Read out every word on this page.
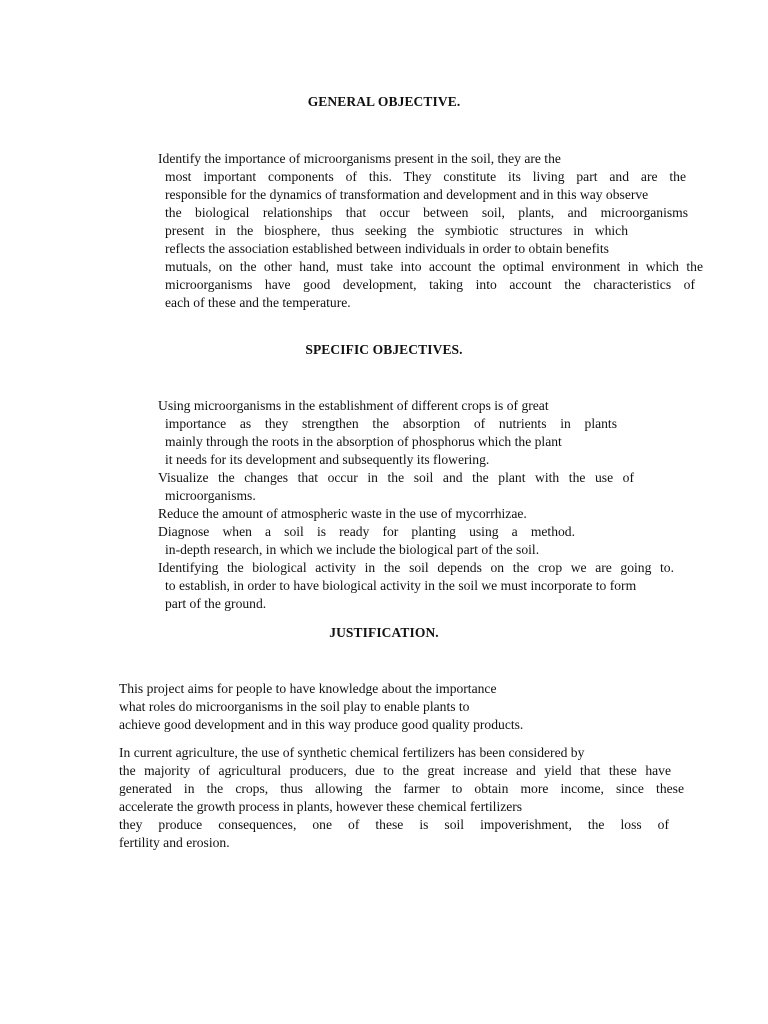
GENERAL OBJECTIVE.
Identify the importance of microorganisms present in the soil, they are the
most important components of this. They constitute its living part and are the
responsible for the dynamics of transformation and development and in this way observe
the biological relationships that occur between soil, plants, and microorganisms
present in the biosphere, thus seeking the symbiotic structures in which
reflects the association established between individuals in order to obtain benefits
mutuals, on the other hand, must take into account the optimal environment in which the
microorganisms have good development, taking into account the characteristics of
each of these and the temperature.
SPECIFIC OBJECTIVES.
Using microorganisms in the establishment of different crops is of great
importance as they strengthen the absorption of nutrients in plants
mainly through the roots in the absorption of phosphorus which the plant
it needs for its development and subsequently its flowering.
Visualize the changes that occur in the soil and the plant with the use of
microorganisms.
Reduce the amount of atmospheric waste in the use of mycorrhizae.
Diagnose when a soil is ready for planting using a method.
in-depth research, in which we include the biological part of the soil.
Identifying the biological activity in the soil depends on the crop we are going to.
to establish, in order to have biological activity in the soil we must incorporate to form
part of the ground.
JUSTIFICATION.
This project aims for people to have knowledge about the importance
what roles do microorganisms in the soil play to enable plants to
achieve good development and in this way produce good quality products.
In current agriculture, the use of synthetic chemical fertilizers has been considered by
the majority of agricultural producers, due to the great increase and yield that these have
generated in the crops, thus allowing the farmer to obtain more income, since these
accelerate the growth process in plants, however these chemical fertilizers
they produce consequences, one of these is soil impoverishment, the loss of
fertility and erosion.
